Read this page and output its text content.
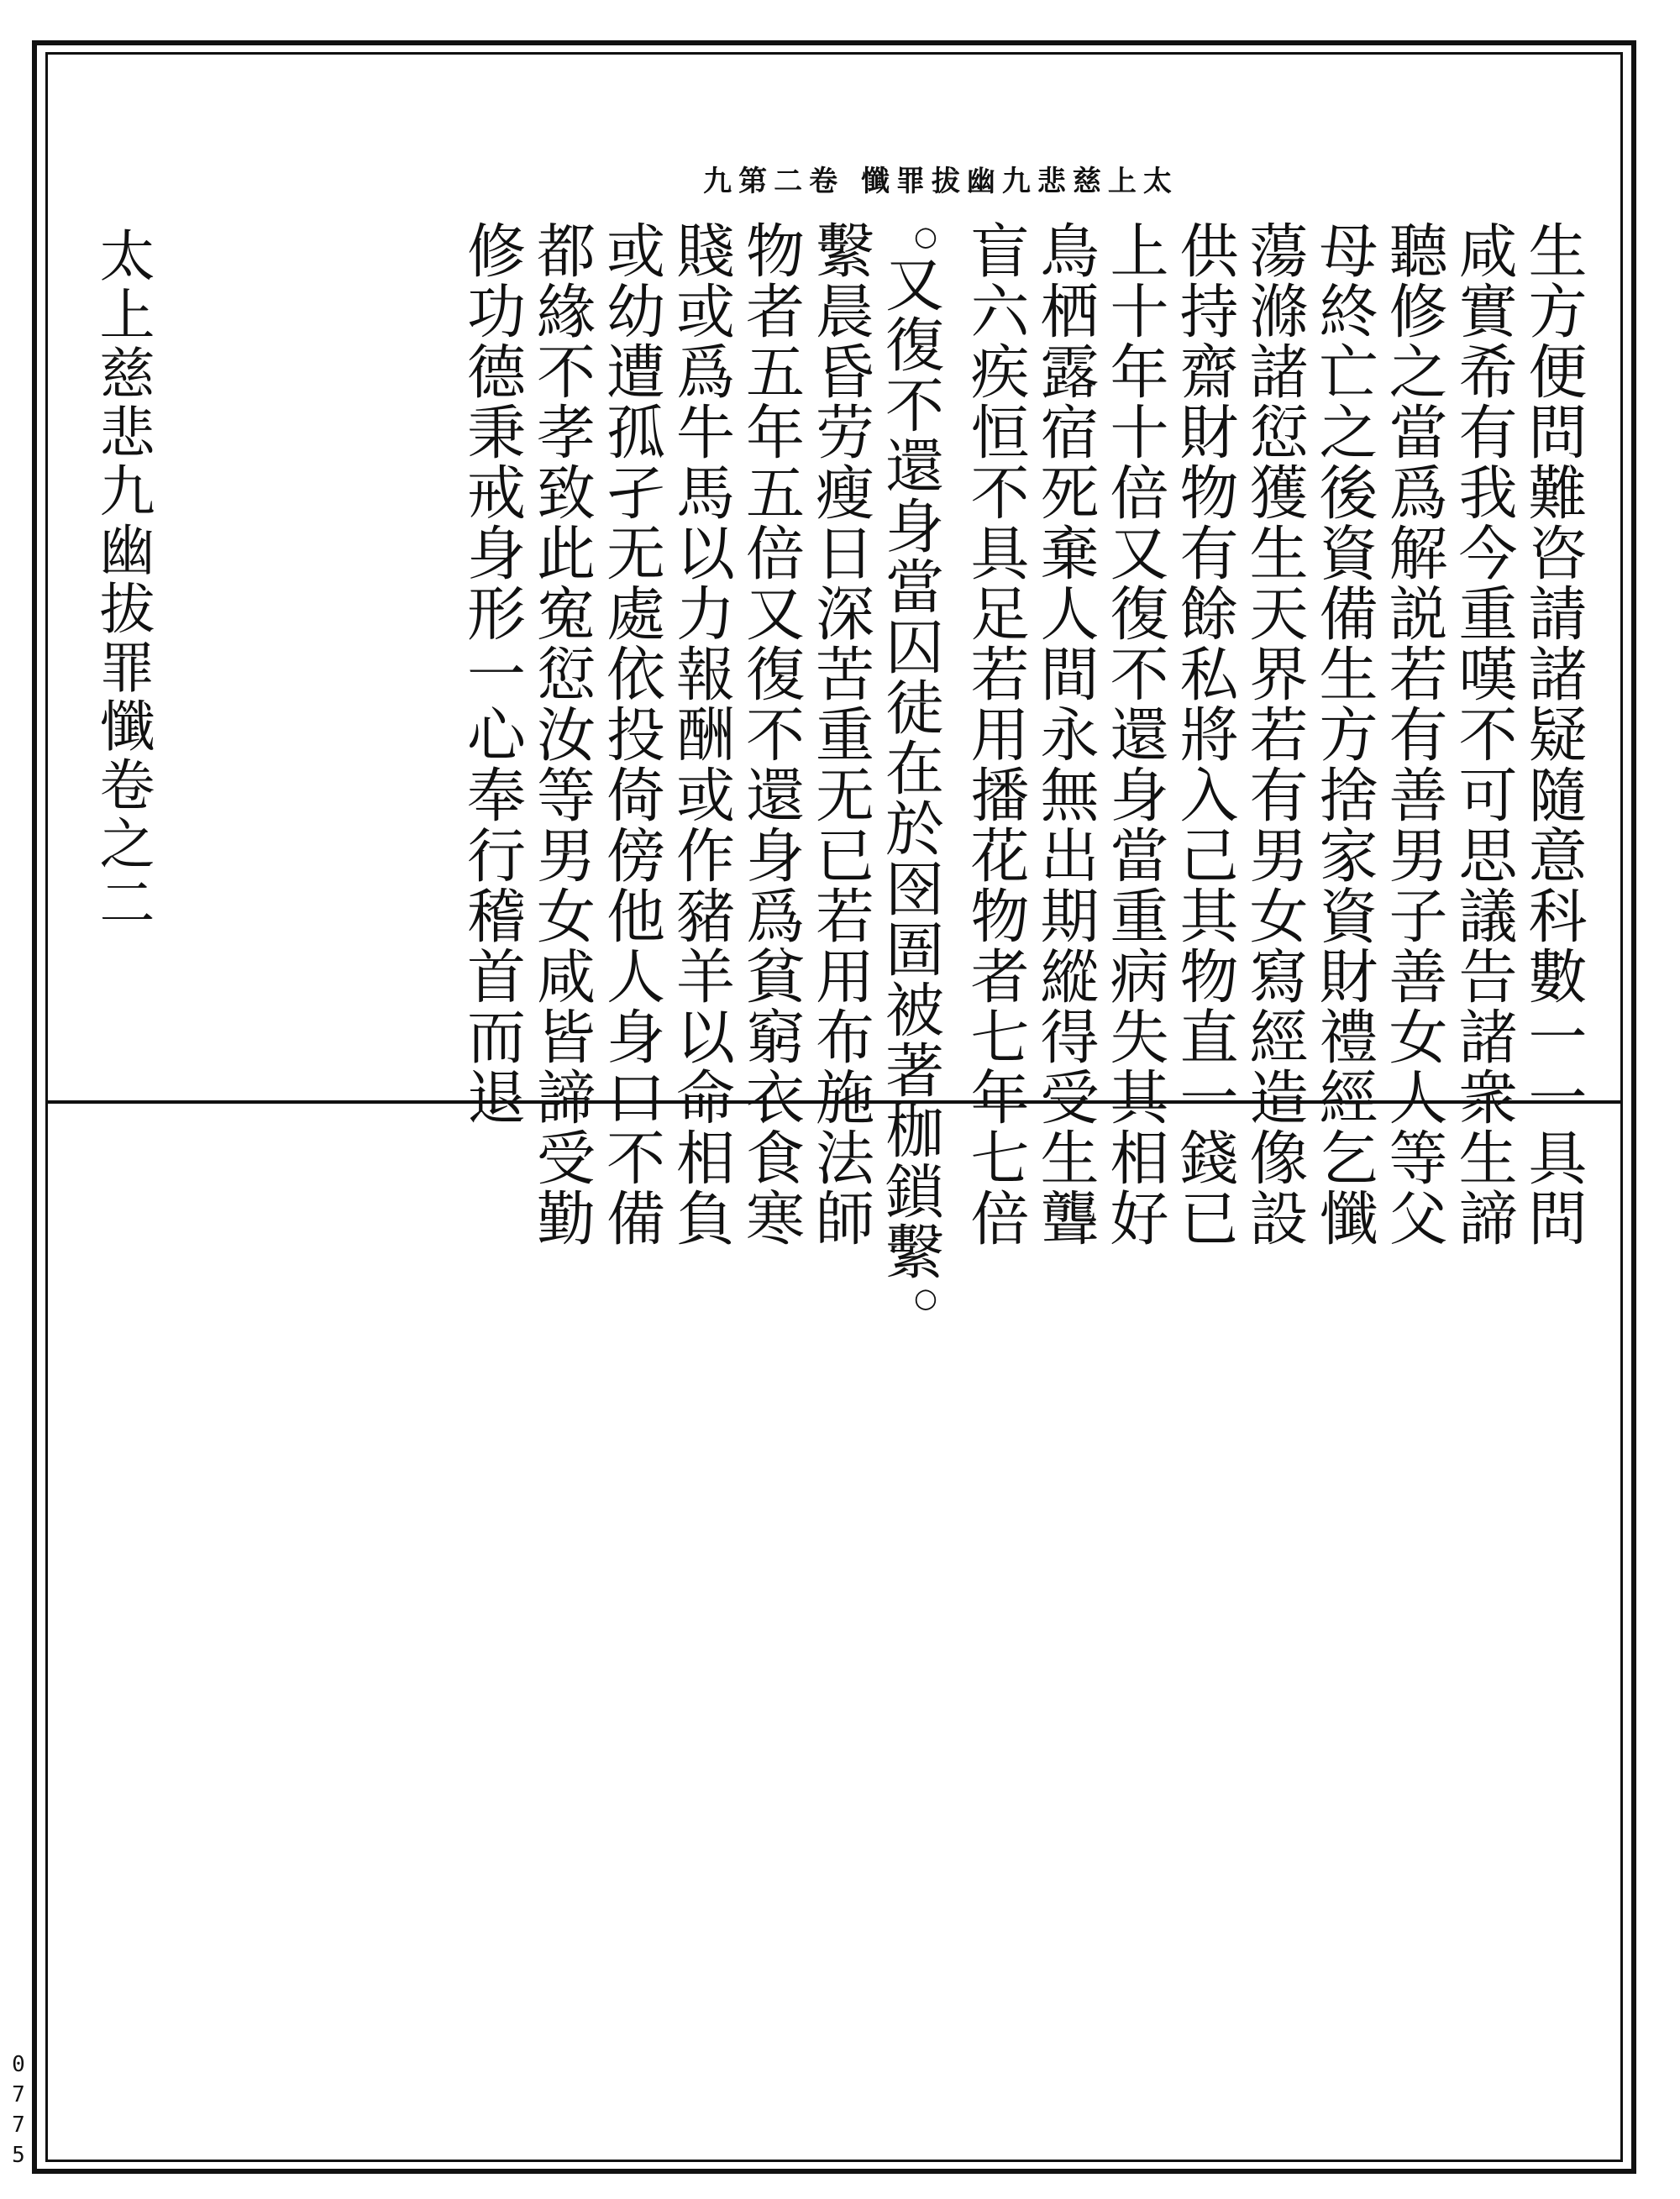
太上慈悲九幽拔罪懺 卷二第九
生方便問難咨請諸疑隨意科數一一具問
咸實希有我今重嘆不可思議告諸衆生諦
聽修之當爲解説若有善男子善女人等父
母終亡之後資備生方捨家資財禮經乞懺
蕩滌諸愆獲生天界若有男女寫經造像設
供持齋財物有餘私將入己其物直一錢已
上十年十倍又復不還身當重病失其相好
鳥栖露宿死棄人間永無出期縱得受生聾
盲六疾恒不具足若用播花物者七年七倍
○又復不還身當囚徒在於囹圄被著枷鎖繫○
繫晨昏劳瘦日深苦重无已若用布施法師
物者五年五倍又復不還身爲貧窮衣食寒
賤或爲牛馬以力報酬或作豬羊以命相負
或幼遭孤孑无處依投倚傍他人身口不備
都緣不孝致此寃愆汝等男女咸皆諦受勤
修功德秉戒身形一心奉行稽首而退
太上慈悲九幽拔罪懺卷之二
0
7
7
5
